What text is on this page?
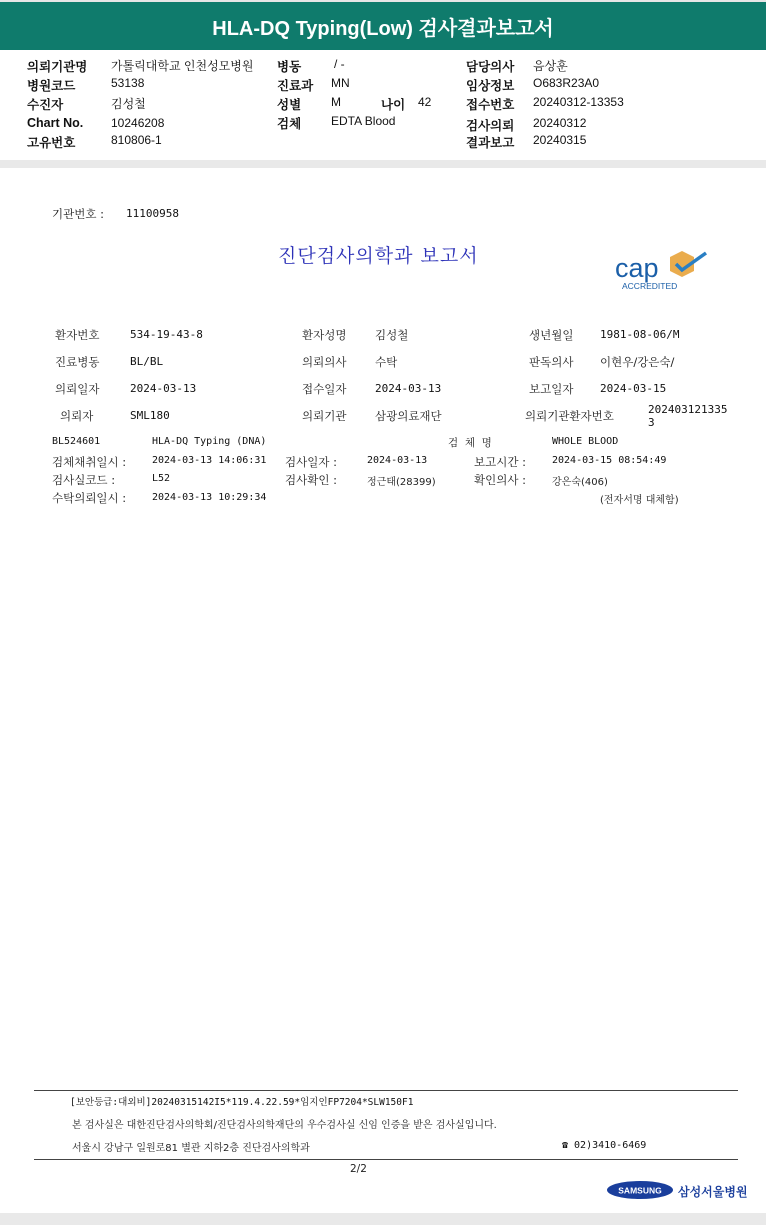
HLA-DQ Typing(Low) 검사결과보고서
의뢰기관명 가톨릭대학교 인천성모병원
병원코드	53138
수진자	김성철
Chart No. 10246208
고유번호	810806-1
병동	/ -
진료과 MN
성별 M	나이 42
검체 EDTA Blood
담당의사 음상훈
임상정보 O683R23A0
접수번호 20240312-13353
검사의뢰 20240312
결과보고 20240315
기관번호 : 11100958
진단검사의학과 보고서	cap
ACCREDITED
환자번호	534-19-43-8	환자성명 김성철	생년월일 1981-08-06/M
진료병동	BL/BL	의뢰의사 수탁	판독의사 이현우/강은숙/
의뢰일자	2024-03-13	접수일자	2024-03-13	보고일자 2024-03-15
의뢰자	SML180	의뢰기관 삼광의료재단	의뢰기관환자번호	202403121335
3
BL524601	HLA-DQ Typing (DNA)	검  체  명	WHOLE BLOOD
검체채취일시 :	2024-03-13 14:06:31 검사일자 :	2024-03-13	보고시간 :	2024-03-15 08:54:49
검사실코드 :	L52	검사확인 :	정근태(28399)	확인의사 :	강은숙(406)
수탁의뢰일시 :	2024-03-13 10:29:34	(전자서명 대체함)
[보안등급:대외비]20240315142I5*119.4.22.59*임지인FP7204*SLW150F1
본 검사실은 대한진단검사의학회/진단검사의학재단의 우수검사실 신임 인증을 받은 검사실입니다.
서울시 강남구 일원로81 별관 지하2층 진단검사의학과	☎ 02)3410-6469
2/2
SAMSUNG 삼성서울병원
